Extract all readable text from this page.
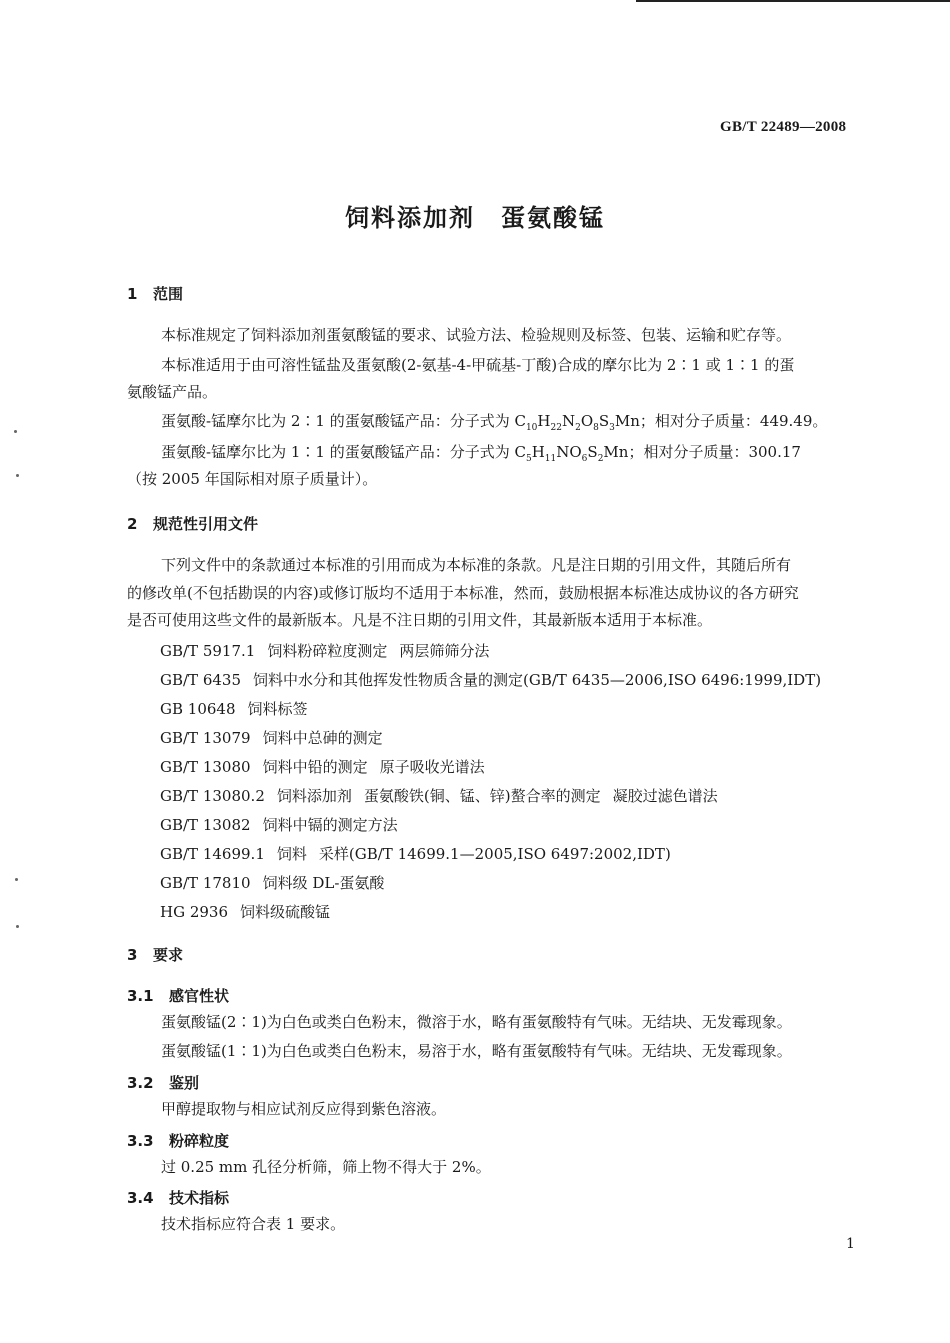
GB/T 22489—2008
饲料添加剂 蛋氨酸锰
1 范围
本标准规定了饲料添加剂蛋氨酸锰的要求、试验方法、检验规则及标签、包装、运输和贮存等。
本标准适用于由可溶性锰盐及蛋氨酸(2-氨基-4-甲硫基-丁酸)合成的摩尔比为 2∶1 或 1∶1 的蛋
氨酸锰产品。
蛋氨酸-锰摩尔比为 2∶1 的蛋氨酸锰产品：分子式为 $C_{10}H_{22}N_2O_8S_3Mn$；相对分子质量：449.49。
蛋氨酸-锰摩尔比为 1∶1 的蛋氨酸锰产品：分子式为 $C_5H_{11}NO_6S_2Mn$；相对分子质量：300.17
（按 2005 年国际相对原子质量计）。
2 规范性引用文件
下列文件中的条款通过本标准的引用而成为本标准的条款。凡是注日期的引用文件，其随后所有
的修改单(不包括勘误的内容)或修订版均不适用于本标准，然而，鼓励根据本标准达成协议的各方研究
是否可使用这些文件的最新版本。凡是不注日期的引用文件，其最新版本适用于本标准。
GB/T 5917.1 饲料粉碎粒度测定 两层筛筛分法
GB/T 6435 饲料中水分和其他挥发性物质含量的测定(GB/T 6435—2006,ISO 6496:1999,IDT)
GB 10648 饲料标签
GB/T 13079 饲料中总砷的测定
GB/T 13080 饲料中铅的测定 原子吸收光谱法
GB/T 13080.2 饲料添加剂 蛋氨酸铁(铜、锰、锌)螯合率的测定 凝胶过滤色谱法
GB/T 13082 饲料中镉的测定方法
GB/T 14699.1 饲料 采样(GB/T 14699.1—2005,ISO 6497:2002,IDT)
GB/T 17810 饲料级 DL-蛋氨酸
HG 2936 饲料级硫酸锰
3 要求
3.1 感官性状
蛋氨酸锰(2∶1)为白色或类白色粉末，微溶于水，略有蛋氨酸特有气味。无结块、无发霉现象。
蛋氨酸锰(1∶1)为白色或类白色粉末，易溶于水，略有蛋氨酸特有气味。无结块、无发霉现象。
3.2 鉴别
甲醇提取物与相应试剂反应得到紫色溶液。
3.3 粉碎粒度
过 0.25 mm 孔径分析筛，筛上物不得大于 2%。
3.4 技术指标
技术指标应符合表 1 要求。
1
